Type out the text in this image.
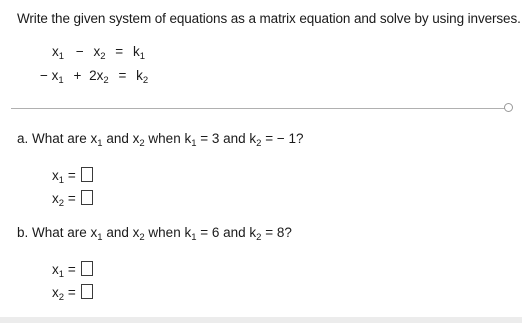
Write the given system of equations as a matrix equation and solve by using inverses.
$x_1 - x_2 = k_1$
− $x_1 + 2x_2 = k_2$
a. What are $x_1$ and $x_2$ when $k_1 = 3$ and $k_2$ = − 1?
$x_1$ =
$x_2$ =
b. What are $x_1$ and $x_2$ when $k_1 = 6$ and $k_2 = 8$?
$x_1$ =
$x_2$ =
